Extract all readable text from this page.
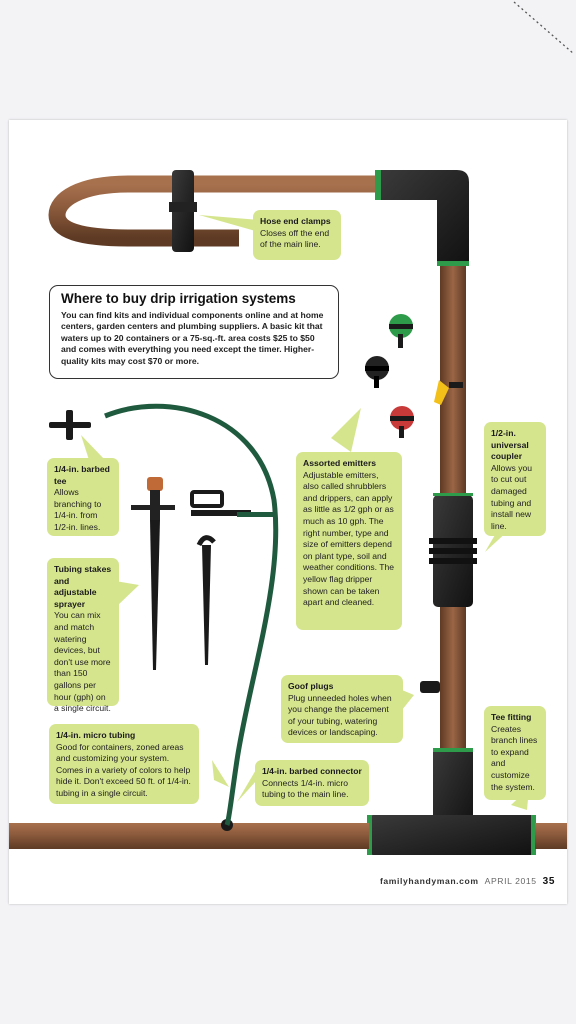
Where to buy drip irrigation systems

You can find kits and individual components online and at home centers, garden centers and plumbing suppliers. A basic kit that waters up to 20 containers or a 75-sq.-ft. area costs $25 to $50 and comes with everything you need except the timer. Higher-quality kits may cost $70 or more.

Hose end clamps
Closes off the end of the main line.
Assorted emitters
Adjustable emitters, also called shrubblers and drippers, can apply as little as 1/2 gph or as much as 10 gph. The right number, type and size of emitters depend on plant type, soil and weather conditions. The yellow flag dripper shown can be taken apart and cleaned.
1/2-in. universal coupler
Allows you to cut out damaged tubing and install new line.
1/4-in. barbed tee
Allows branching to 1/4-in. from 1/2-in. lines.
Tubing stakes and adjustable sprayer
You can mix and match watering devices, but don't use more than 150 gallons per hour (gph) on a single circuit.
Goof plugs
Plug unneeded holes when you change the placement of your tubing, watering devices or landscaping.
1/4-in. micro tubing
Good for containers, zoned areas and customizing your system. Comes in a variety of colors to help hide it. Don't exceed 50 ft. of 1/4-in. tubing in a single circuit.
1/4-in. barbed connector
Connects 1/4-in. micro tubing to the main line.
Tee fitting
Creates branch lines to expand and customize the system.
familyhandyman.com APRIL 2015 35
